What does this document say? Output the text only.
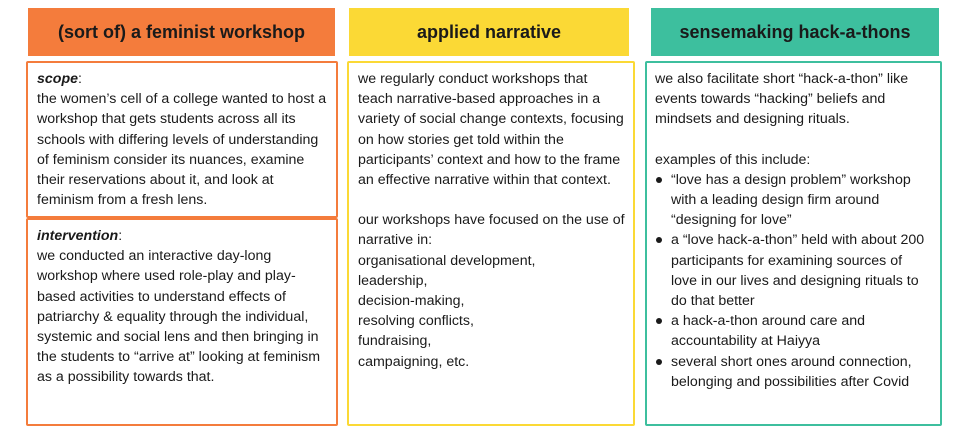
(sort of) a feminist workshop

scope:

the women’s cell of a college wanted to host a workshop that gets students across all its schools with differing levels of understanding of feminism consider its nuances, examine their reservations about it, and look at feminism from a fresh lens.

intervention:

we conducted an interactive day-long workshop where used role-play and play-based activities to understand effects of patriarchy & equality through the individual, systemic and social lens and then bringing in the students to “arrive at” looking at feminism as a possibility towards that.

applied narrative

we regularly conduct workshops that teach narrative-based approaches in a variety of social change contexts, focusing on how stories get told within the participants’ context and how to the frame an effective narrative within that context.

our workshops have focused on the use of narrative in:
organisational development,
leadership,
decision-making,
resolving conflicts,
fundraising,
campaigning, etc.

sensemaking hack-a-thons

we also facilitate short “hack-a-thon” like events towards “hacking” beliefs and mindsets and designing rituals.

examples of this include:

“love has a design problem” workshop with a leading design firm around “designing for love”
a “love hack-a-thon” held with about 200 participants for examining sources of love in our lives and designing rituals to do that better
a hack-a-thon around care and accountability at Haiyya
several short ones around connection, belonging and possibilities after Covid
